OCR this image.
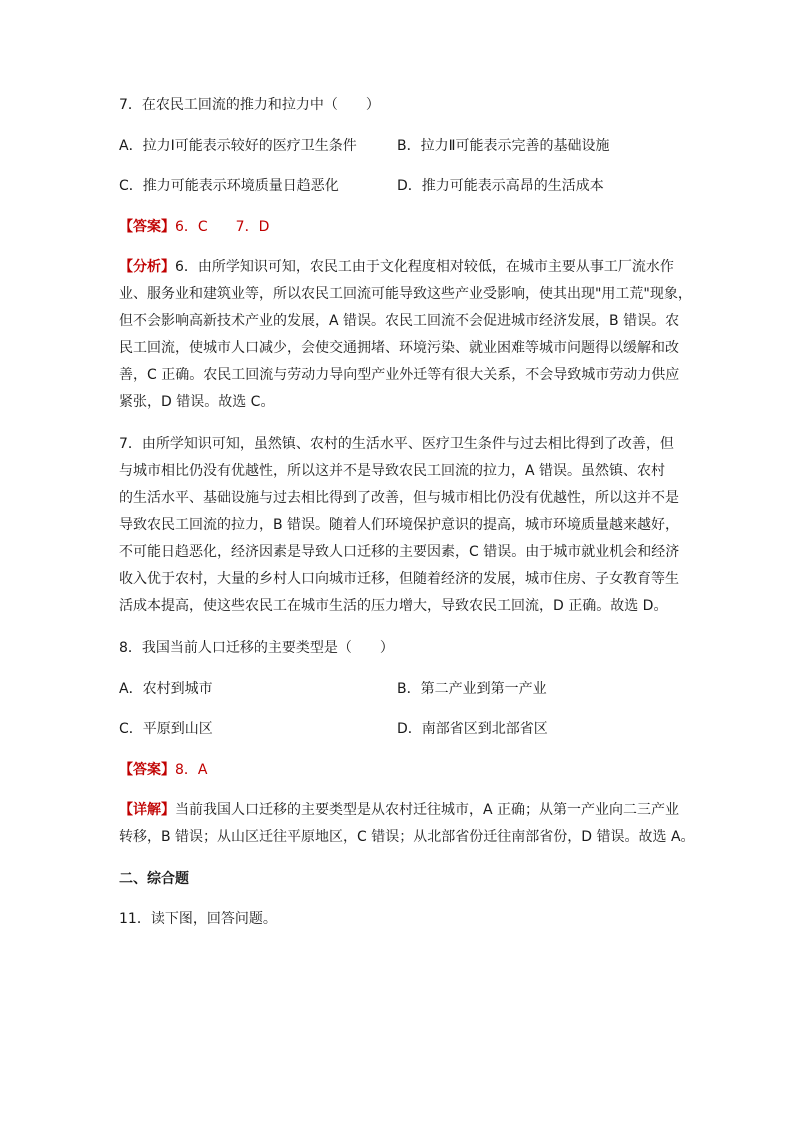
7．在农民工回流的推力和拉力中（　　）
A．拉力Ⅰ可能表示较好的医疗卫生条件	B．拉力Ⅱ可能表示完善的基础设施
C．推力可能表示环境质量日趋恶化	D．推力可能表示高昂的生活成本
【答案】6．C　　7．D
【分析】6．由所学知识可知，农民工由于文化程度相对较低，在城市主要从事工厂流水作
业、服务业和建筑业等，所以农民工回流可能导致这些产业受影响，使其出现"用工荒"现象，
但不会影响高新技术产业的发展，A 错误。农民工回流不会促进城市经济发展，B 错误。农
民工回流，使城市人口减少，会使交通拥堵、环境污染、就业困难等城市问题得以缓解和改
善，C 正确。农民工回流与劳动力导向型产业外迁等有很大关系，不会导致城市劳动力供应
紧张，D 错误。故选 C。
7．由所学知识可知，虽然镇、农村的生活水平、医疗卫生条件与过去相比得到了改善，但
与城市相比仍没有优越性，所以这并不是导致农民工回流的拉力，A 错误。虽然镇、农村
的生活水平、基础设施与过去相比得到了改善，但与城市相比仍没有优越性，所以这并不是
导致农民工回流的拉力，B 错误。随着人们环境保护意识的提高，城市环境质量越来越好，
不可能日趋恶化，经济因素是导致人口迁移的主要因素，C 错误。由于城市就业机会和经济
收入优于农村，大量的乡村人口向城市迁移，但随着经济的发展，城市住房、子女教育等生
活成本提高，使这些农民工在城市生活的压力增大，导致农民工回流，D 正确。故选 D。
8．我国当前人口迁移的主要类型是（　　）
A．农村到城市	B．第二产业到第一产业
C．平原到山区	D．南部省区到北部省区
【答案】8．A
【详解】当前我国人口迁移的主要类型是从农村迁往城市，A 正确；从第一产业向二三产业
转移，B 错误；从山区迁往平原地区，C 错误；从北部省份迁往南部省份，D 错误。故选 A。
二、综合题
11．读下图，回答问题。
